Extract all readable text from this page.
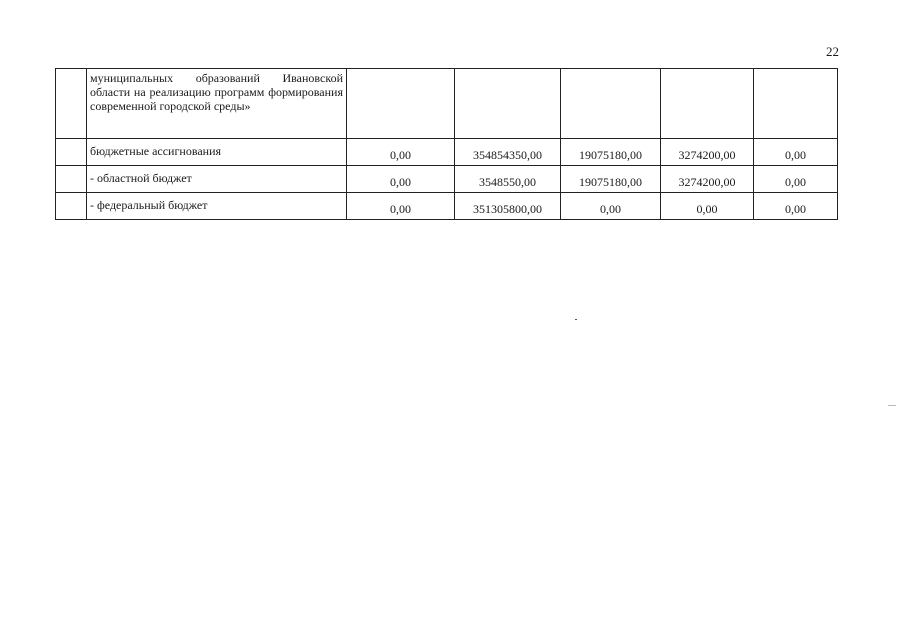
22
	муниципальных образований Ивановской области на реализацию программ формирования современной городской среды»					
	бюджетные ассигнования	0,00	354854350,00	19075180,00	3274200,00	0,00
	- областной бюджет	0,00	3548550,00	19075180,00	3274200,00	0,00
	- федеральный бюджет	0,00	351305800,00	0,00	0,00	0,00
